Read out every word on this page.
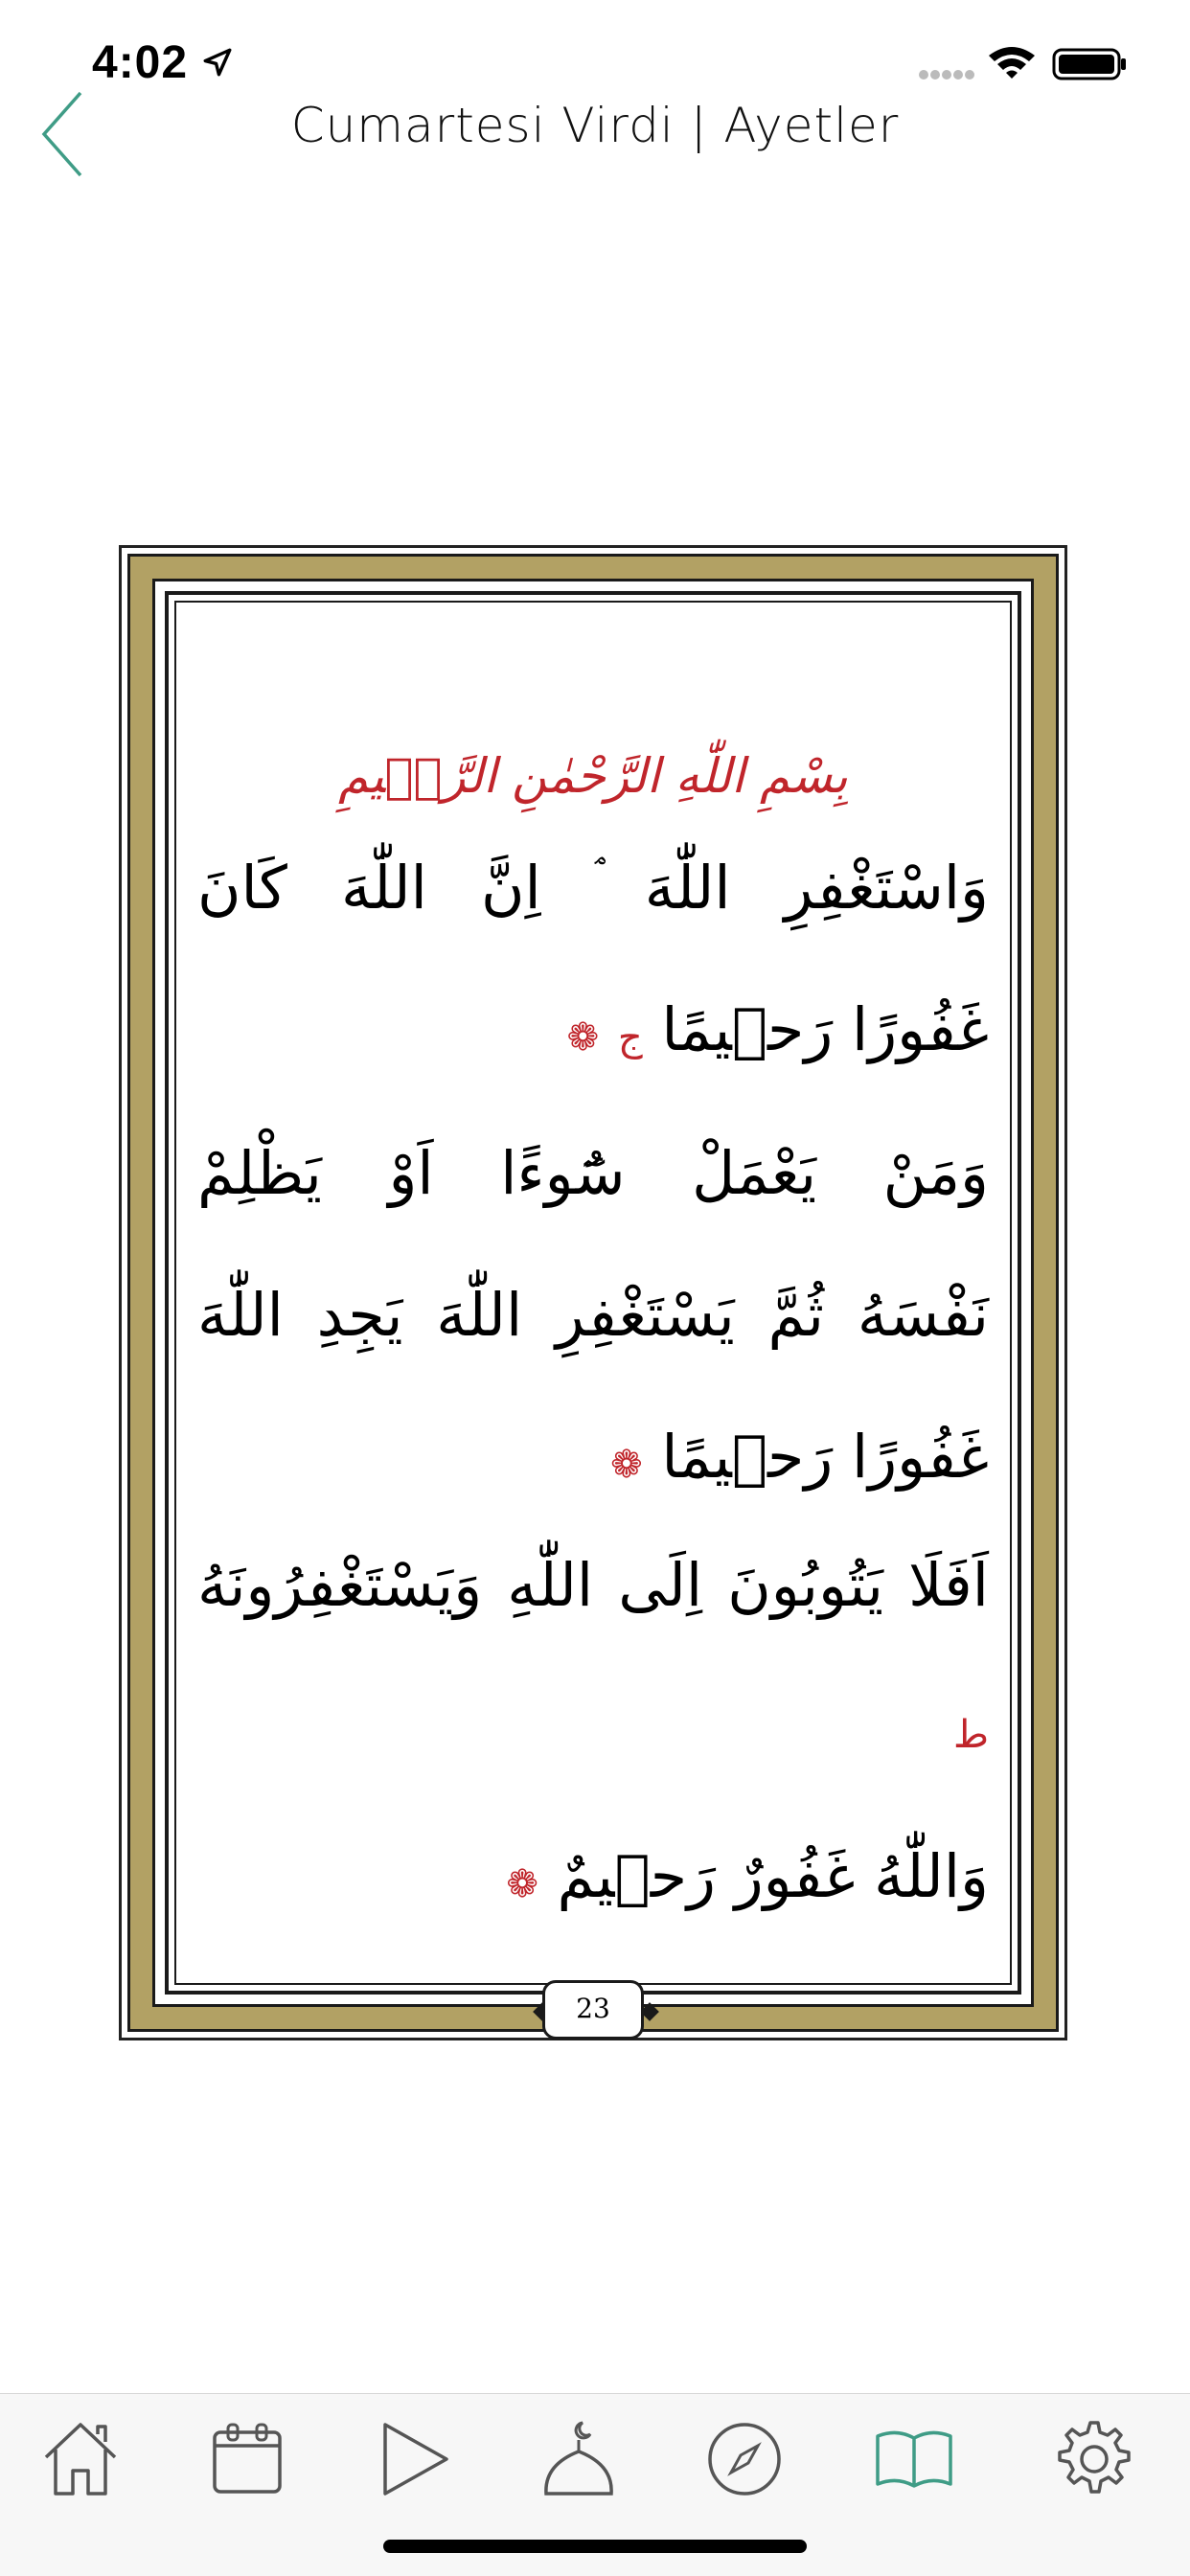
4:02
Cumartesi Virdi | Ayetler
بِسْمِ اللّٰهِ الرَّحْمٰنِ الرَّح۪يمِ
وَاسْتَغْفِرِ اللّٰهَ ۘ اِنَّ اللّٰهَ كَانَ
غَفُورًا رَح۪يمًا ج ❁
وَمَنْ يَعْمَلْ سُٓوءًا اَوْ يَظْلِمْ
نَفْسَهُ ثُمَّ يَسْتَغْفِرِ اللّٰهَ يَجِدِ اللّٰهَ
غَفُورًا رَح۪يمًا ❁
اَفَلَا يَتُوبُونَ اِلَى اللّٰهِ وَيَسْتَغْفِرُونَهُ ط
وَاللّٰهُ غَفُورٌ رَح۪يمٌ ❁
23
